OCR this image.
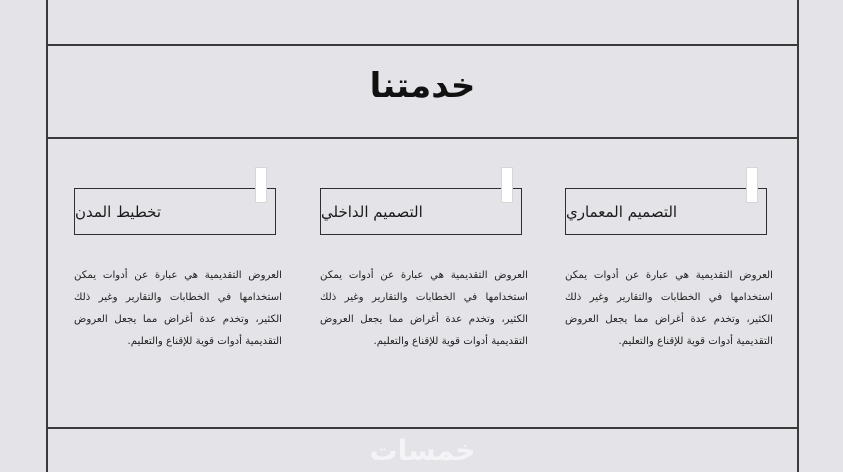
خدمتنا
التصميم المعماري
العروض التقديمية هي عبارة عن أدوات يمكن استخدامها في الخطابات والتقارير وغير ذلك الكثير، وتخدم عدة أغراض مما يجعل العروض التقديمية أدوات قوية للإقناع والتعليم.
التصميم الداخلي
العروض التقديمية هي عبارة عن أدوات يمكن استخدامها في الخطابات والتقارير وغير ذلك الكثير، وتخدم عدة أغراض مما يجعل العروض التقديمية أدوات قوية للإقناع والتعليم.
تخطيط المدن
العروض التقديمية هي عبارة عن أدوات يمكن استخدامها في الخطابات والتقارير وغير ذلك الكثير، وتخدم عدة أغراض مما يجعل العروض التقديمية أدوات قوية للإقناع والتعليم.
خمسات
